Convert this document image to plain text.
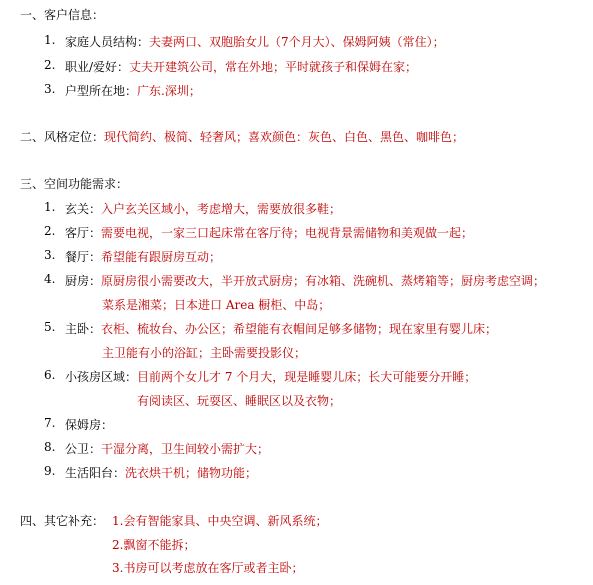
一、客户信息：
1. 家庭人员结构：夫妻两口、双胞胎女儿（7个月大）、保姆阿姨（常住）；
2. 职业/爱好：丈夫开建筑公司，常在外地；平时就孩子和保姆在家；
3. 户型所在地：广东.深圳；
二、风格定位：现代简约、极简、轻奢风；喜欢颜色：灰色、白色、黑色、咖啡色；
三、空间功能需求：
1. 玄关：入户玄关区域小，考虑增大，需要放很多鞋；
2. 客厅：需要电视，一家三口起床常在客厅待；电视背景需储物和美观做一起；
3. 餐厅：希望能有跟厨房互动；
4. 厨房：原厨房很小需要改大，半开放式厨房；有冰箱、洗碗机、蒸烤箱等；厨房考虑空调；
菜系是湘菜；日本进口 Area 橱柜、中岛；
5. 主卧：衣柜、梳妆台、办公区；希望能有衣帽间足够多储物；现在家里有婴儿床；
主卫能有小的浴缸；主卧需要投影仪；
6. 小孩房区域：目前两个女儿才 7 个月大，现是睡婴儿床；长大可能要分开睡；
有阅读区、玩耍区、睡眠区以及衣物；
7. 保姆房：
8. 公卫：干湿分离，卫生间较小需扩大；
9. 生活阳台：洗衣烘干机；储物功能；
四、其它补充： 1.会有智能家具、中央空调、新风系统；
2.飘窗不能拆；
3.书房可以考虑放在客厅或者主卧；
